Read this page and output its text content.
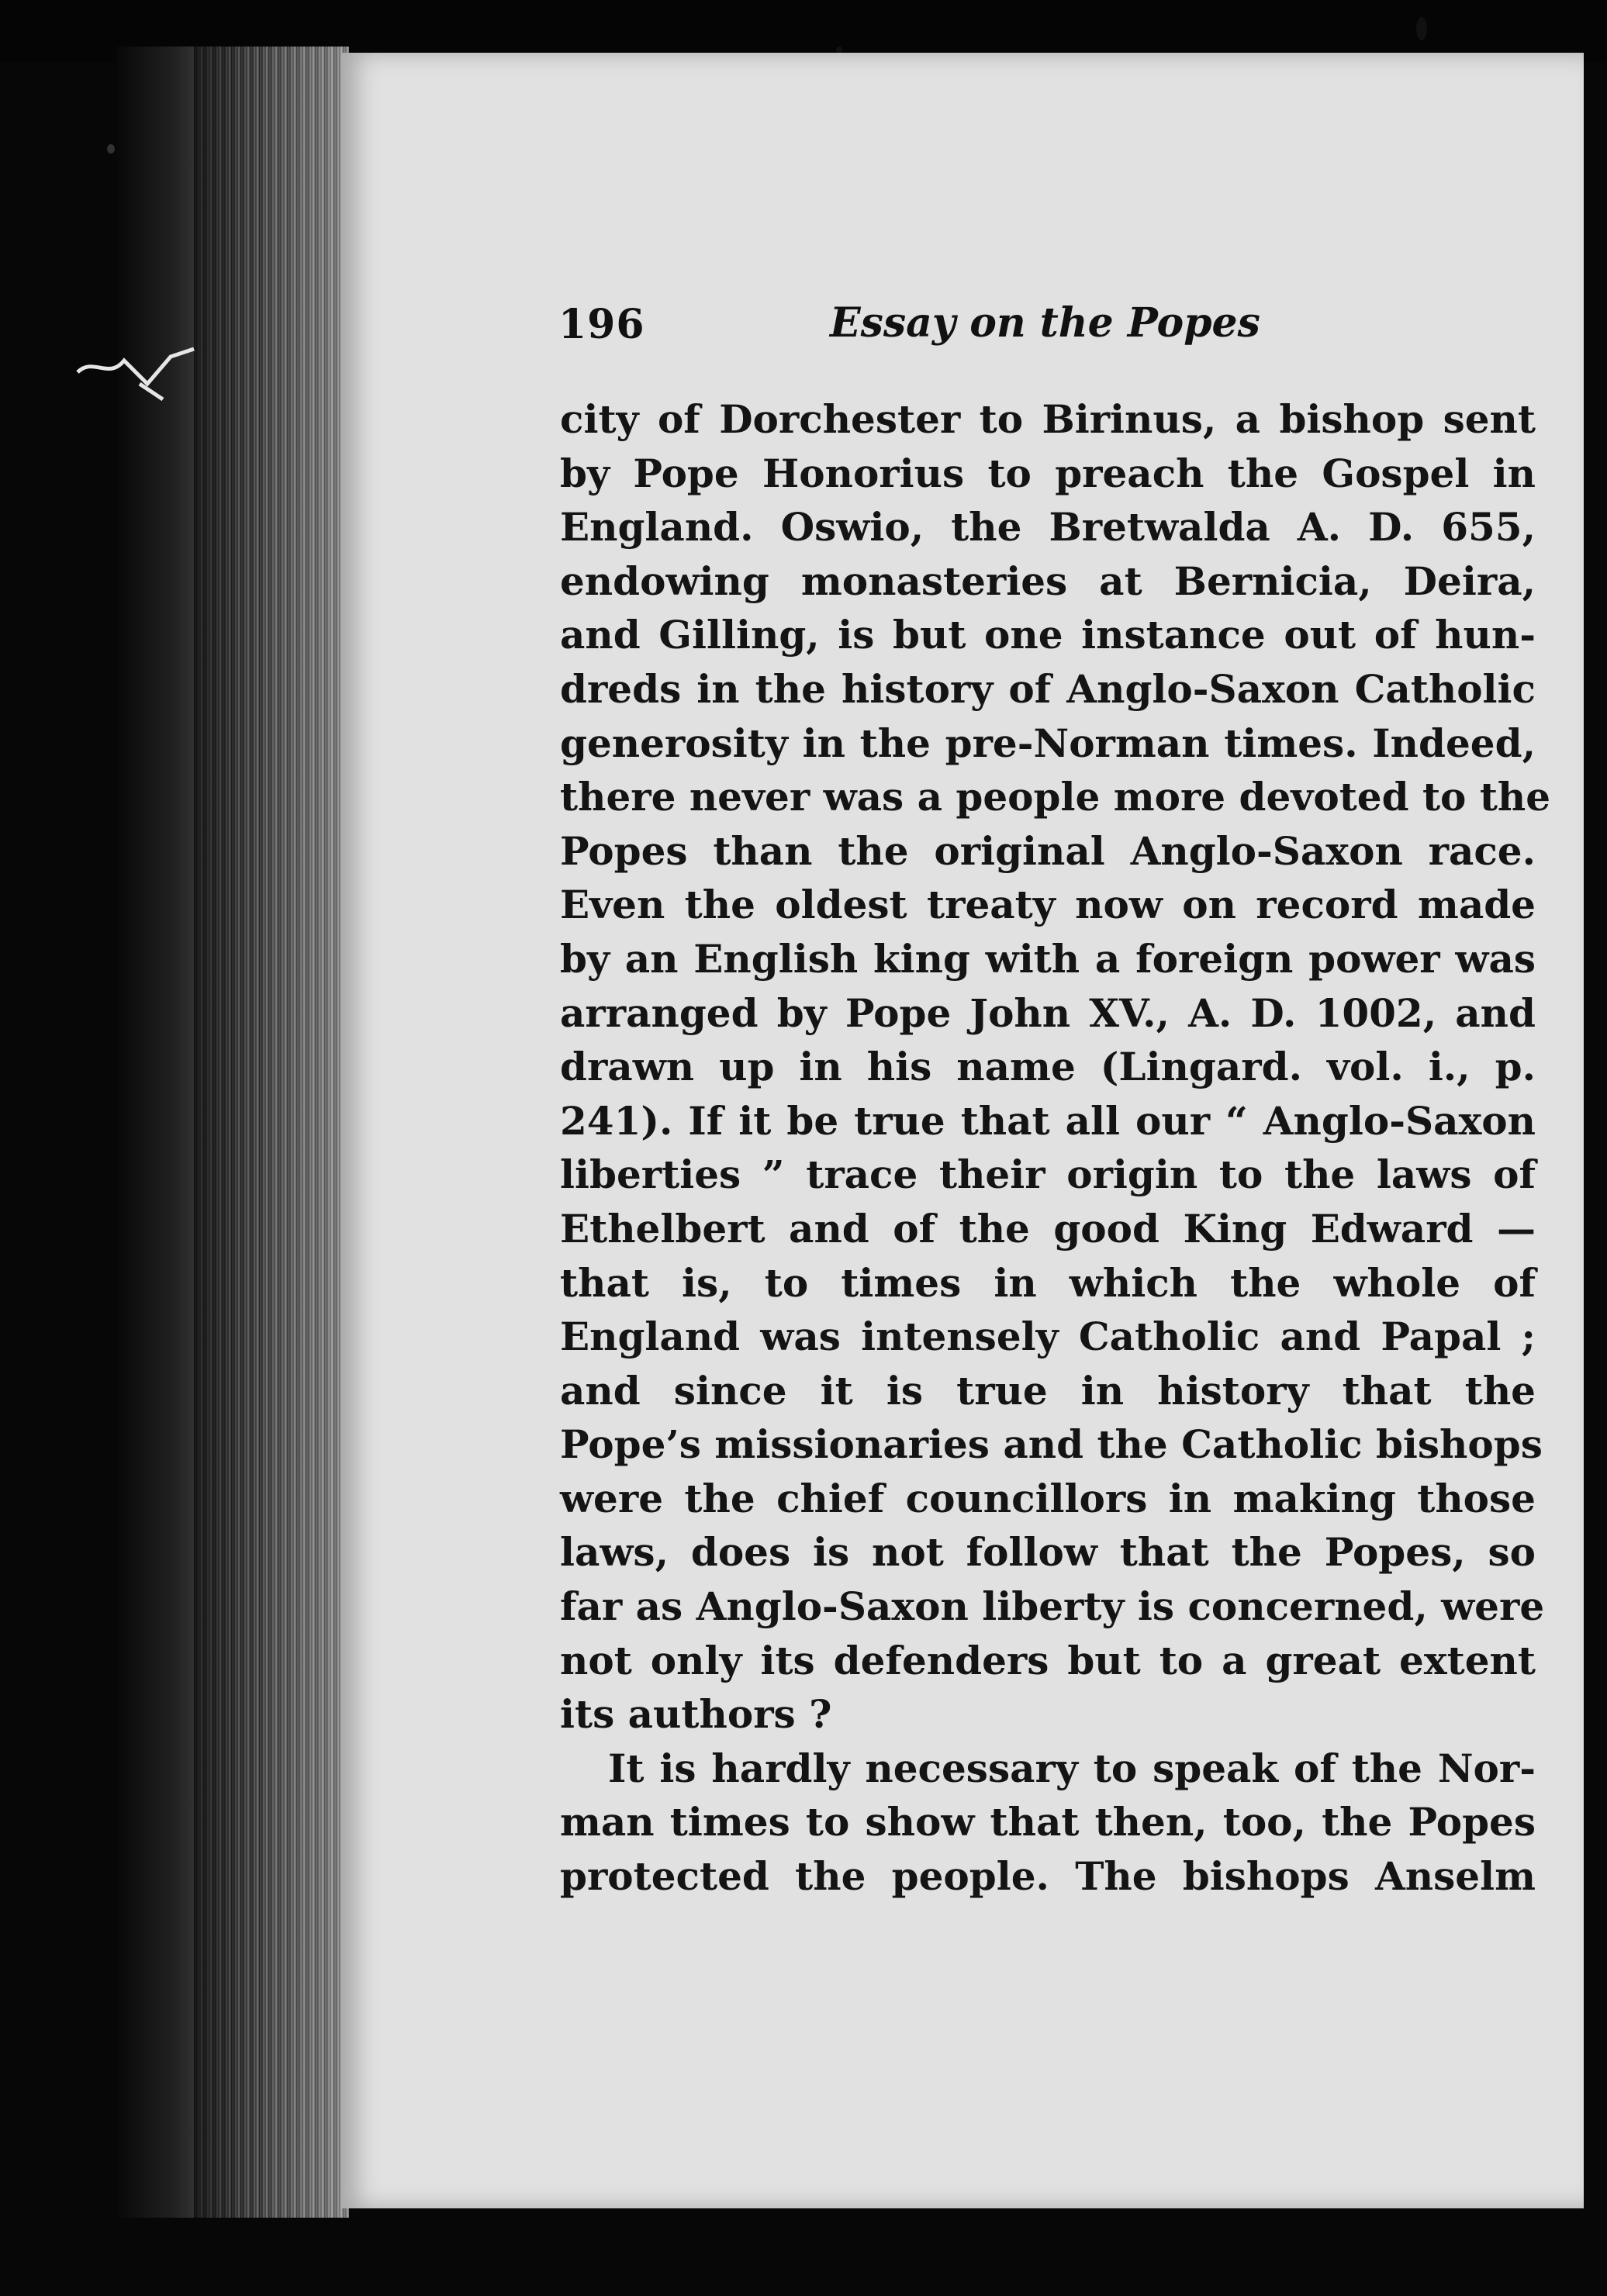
196	Essay on the Popes
city of Dorchester to Birinus, a bishop sent
by Pope Honorius to preach the Gospel in
England. Oswio, the Bretwalda A. D. 655,
endowing monasteries at Bernicia, Deira,
and Gilling, is but one instance out of hun-
dreds in the history of Anglo-Saxon Catholic
generosity in the pre-Norman times. Indeed,
there never was a people more devoted to the
Popes than the original Anglo-Saxon race.
Even the oldest treaty now on record made
by an English king with a foreign power was
arranged by Pope John XV., A. D. 1002, and
drawn up in his name (Lingard. vol. i., p.
241). If it be true that all our “ Anglo-Saxon
liberties ” trace their origin to the laws of
Ethelbert and of the good King Edward —
that is, to times in which the whole of
England was intensely Catholic and Papal ;
and since it is true in history that the
Pope’s missionaries and the Catholic bishops
were the chief councillors in making those
laws, does is not follow that the Popes, so
far as Anglo-Saxon liberty is concerned, were
not only its defenders but to a great extent
its authors ?
It is hardly necessary to speak of the Nor-
man times to show that then, too, the Popes
protected the people. The bishops Anselm
